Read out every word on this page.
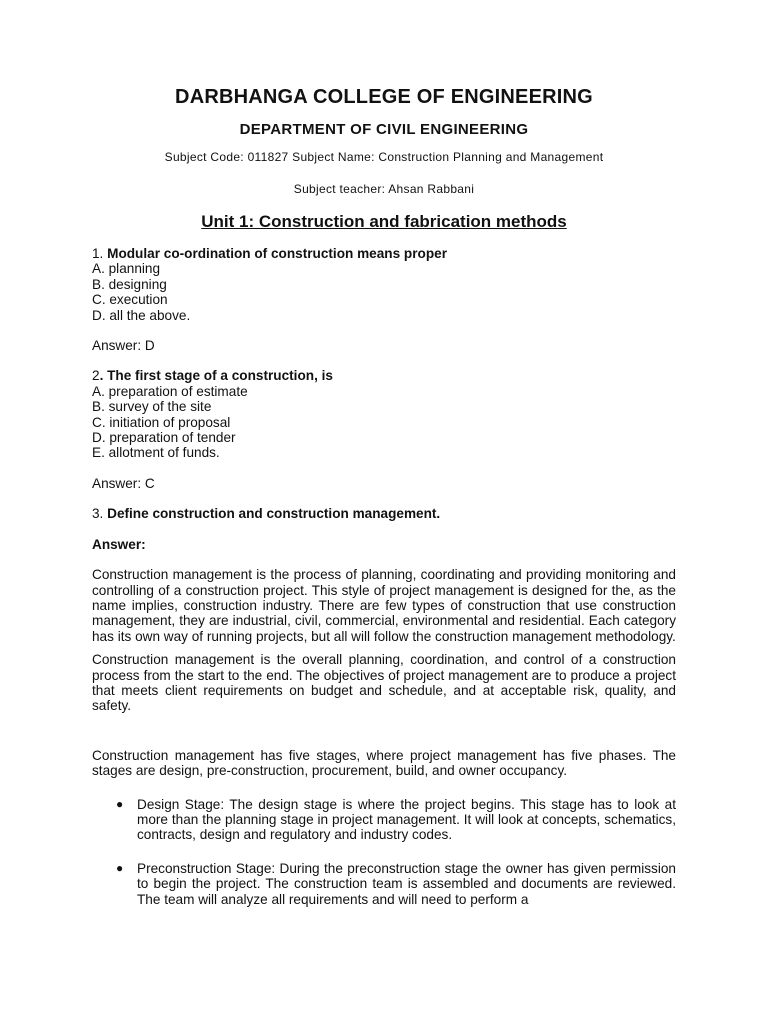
DARBHANGA COLLEGE OF ENGINEERING
DEPARTMENT OF CIVIL ENGINEERING
Subject Code: 011827 Subject Name: Construction Planning and Management
Subject teacher: Ahsan Rabbani
Unit 1: Construction and fabrication methods
1. Modular co-ordination of construction means proper
A. planning
B. designing
C. execution
D. all the above.
Answer: D
2. The first stage of a construction, is
A. preparation of estimate
B. survey of the site
C. initiation of proposal
D. preparation of tender
E. allotment of funds.
Answer: C
3. Define construction and construction management.
Answer:

Construction management is the process of planning, coordinating and providing monitoring and controlling of a construction project. This style of project management is designed for the, as the name implies, construction industry. There are few types of construction that use construction management, they are industrial, civil, commercial, environmental and residential. Each category has its own way of running projects, but all will follow the construction management methodology.

Construction management is the overall planning, coordination, and control of a construction process from the start to the end. The objectives of project management are to produce a project that meets client requirements on budget and schedule, and at acceptable risk, quality, and safety.

Construction management has five stages, where project management has five phases. The stages are design, pre-construction, procurement, build, and owner occupancy.

● Design Stage: The design stage is where the project begins. This stage has to look at more than the planning stage in project management. It will look at concepts, schematics, contracts, design and regulatory and industry codes.
● Preconstruction Stage: During the preconstruction stage the owner has given permission to begin the project. The construction team is assembled and documents are reviewed. The team will analyze all requirements and will need to perform a
